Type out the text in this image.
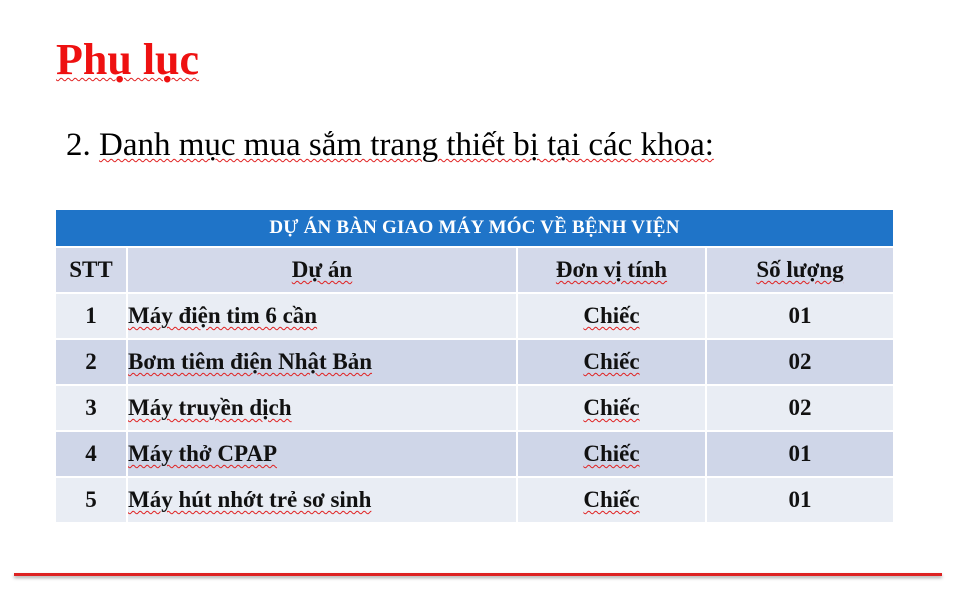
Phụ lục
2. Danh mục mua sắm trang thiết bị tại các khoa:
DỰ ÁN BÀN GIAO MÁY MÓC VỀ BỆNH VIỆN			
STT	Dự án	Đơn vị tính	Số lượng
1	Máy điện tim 6 cần	Chiếc	01
2	Bơm tiêm điện Nhật Bản	Chiếc	02
3	Máy truyền dịch	Chiếc	02
4	Máy thở CPAP	Chiếc	01
5	Máy hút nhớt trẻ sơ sinh	Chiếc	01
